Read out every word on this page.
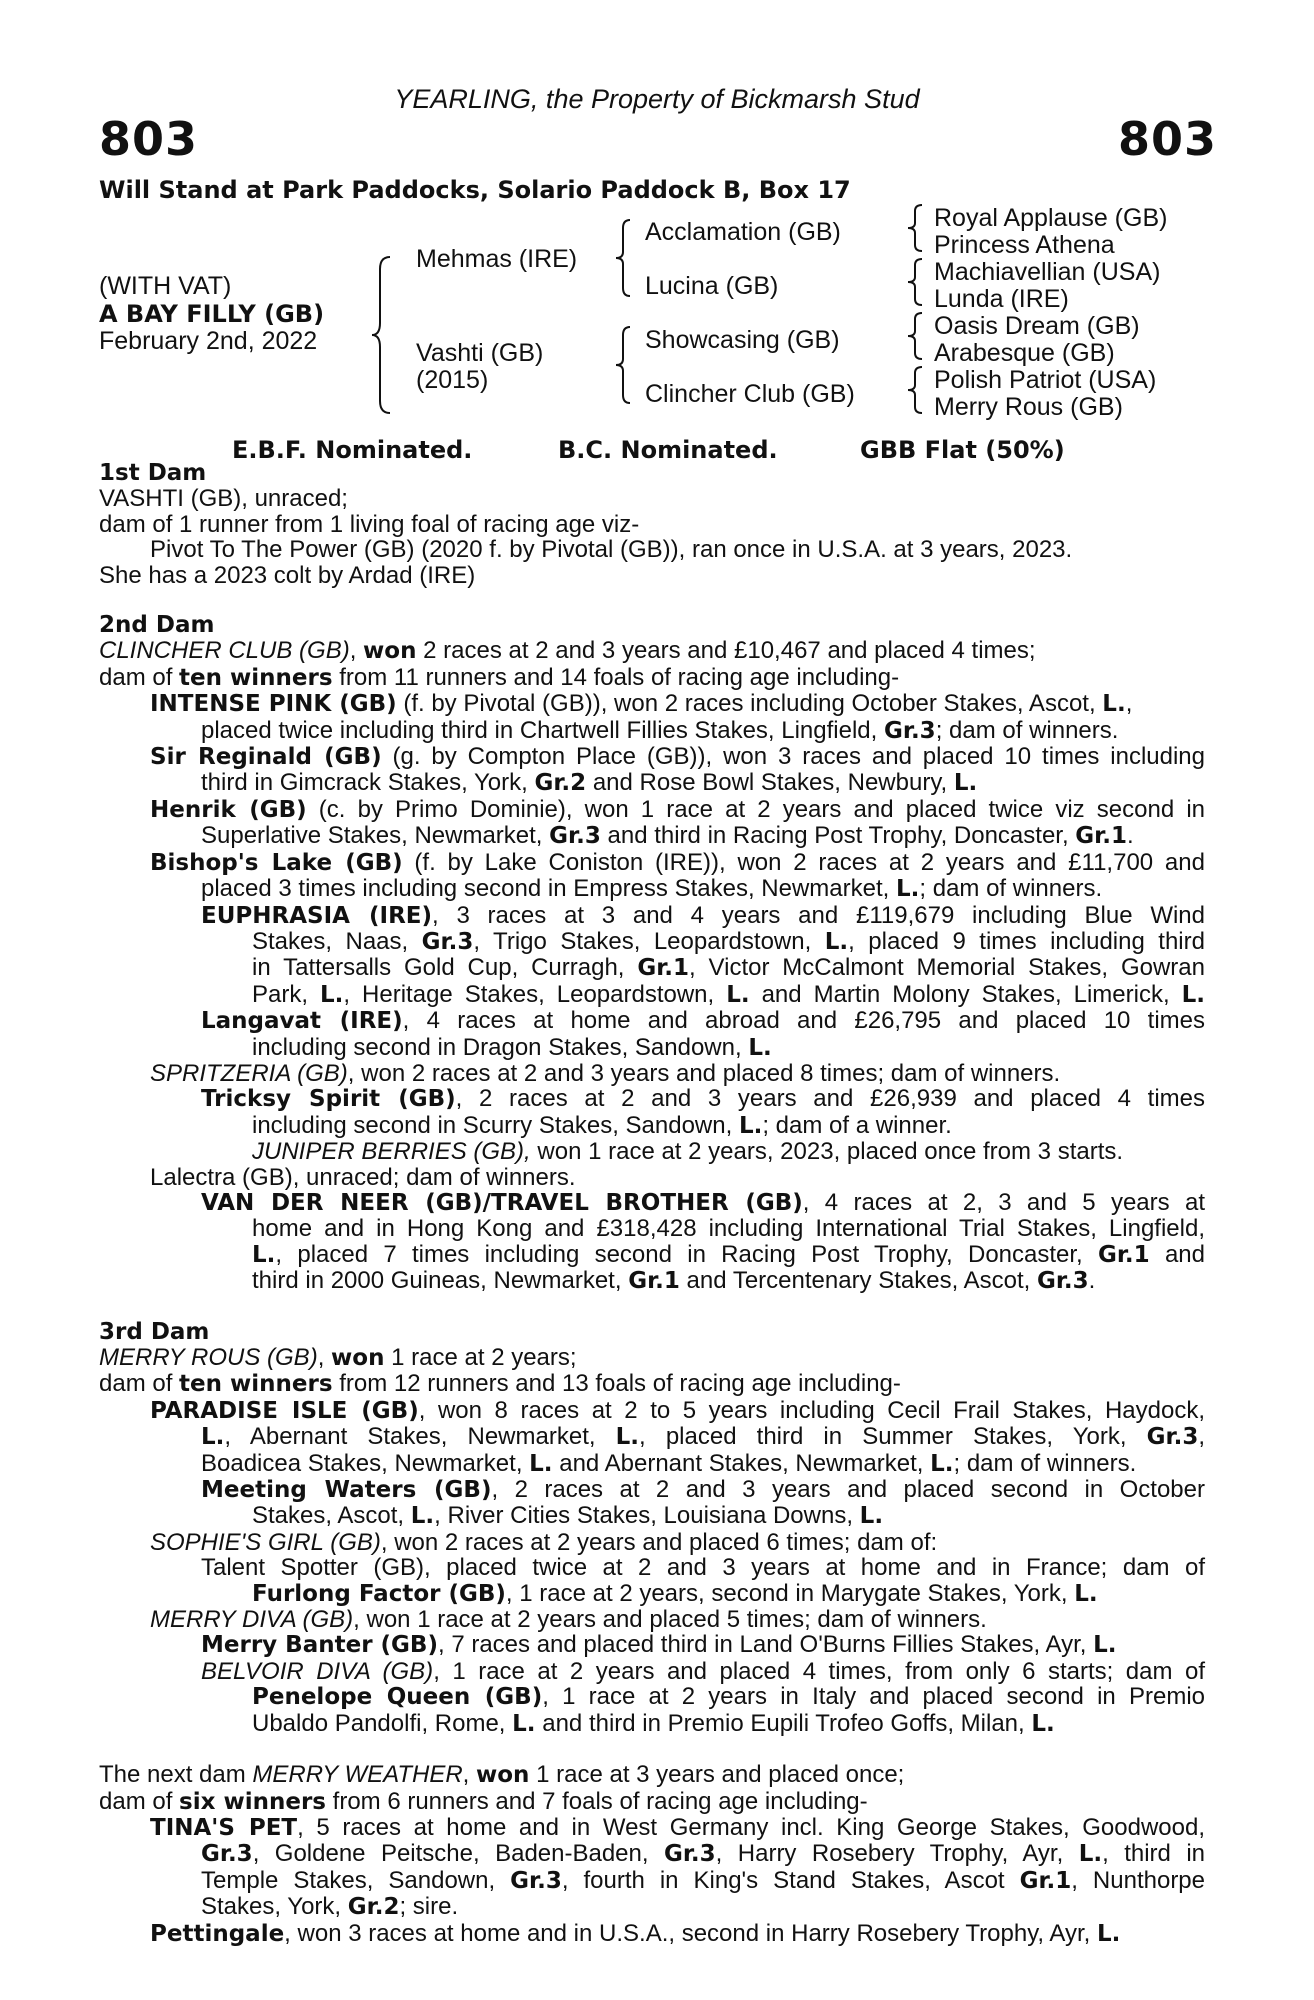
YEARLING, the Property of Bickmarsh Stud
803	803
Will Stand at Park Paddocks, Solario Paddock B, Box 17
(WITH VAT)
A BAY FILLY (GB)
February 2nd, 2022
Mehmas (IRE)
Vashti (GB)
(2015)
Acclamation (GB)
Lucina (GB)
Showcasing (GB)
Clincher Club (GB)
Royal Applause (GB)
Princess Athena
Machiavellian (USA)
Lunda (IRE)
Oasis Dream (GB)
Arabesque (GB)
Polish Patriot (USA)
Merry Rous (GB)
E.B.F. Nominated.	B.C. Nominated.	GBB Flat (50%)
1st Dam
VASHTI (GB), unraced;
dam of 1 runner from 1 living foal of racing age viz-
Pivot To The Power (GB) (2020 f. by Pivotal (GB)), ran once in U.S.A. at 3 years, 2023.
She has a 2023 colt by Ardad (IRE)
2nd Dam
CLINCHER CLUB (GB), won 2 races at 2 and 3 years and £10,467 and placed 4 times;
dam of ten winners from 11 runners and 14 foals of racing age including-
INTENSE PINK (GB) (f. by Pivotal (GB)), won 2 races including October Stakes, Ascot, L.,
placed twice including third in Chartwell Fillies Stakes, Lingfield, Gr.3; dam of winners.
Sir Reginald (GB) (g. by Compton Place (GB)), won 3 races and placed 10 times including
third in Gimcrack Stakes, York, Gr.2 and Rose Bowl Stakes, Newbury, L.
Henrik (GB) (c. by Primo Dominie), won 1 race at 2 years and placed twice viz second in
Superlative Stakes, Newmarket, Gr.3 and third in Racing Post Trophy, Doncaster, Gr.1.
Bishop's Lake (GB) (f. by Lake Coniston (IRE)), won 2 races at 2 years and £11,700 and
placed 3 times including second in Empress Stakes, Newmarket, L.; dam of winners.
EUPHRASIA (IRE), 3 races at 3 and 4 years and £119,679 including Blue Wind
Stakes, Naas, Gr.3, Trigo Stakes, Leopardstown, L., placed 9 times including third
in Tattersalls Gold Cup, Curragh, Gr.1, Victor McCalmont Memorial Stakes, Gowran
Park, L., Heritage Stakes, Leopardstown, L. and Martin Molony Stakes, Limerick, L.
Langavat (IRE), 4 races at home and abroad and £26,795 and placed 10 times
including second in Dragon Stakes, Sandown, L.
SPRITZERIA (GB), won 2 races at 2 and 3 years and placed 8 times; dam of winners.
Tricksy Spirit (GB), 2 races at 2 and 3 years and £26,939 and placed 4 times
including second in Scurry Stakes, Sandown, L.; dam of a winner.
JUNIPER BERRIES (GB), won 1 race at 2 years, 2023, placed once from 3 starts.
Lalectra (GB), unraced; dam of winners.
VAN DER NEER (GB)/TRAVEL BROTHER (GB), 4 races at 2, 3 and 5 years at
home and in Hong Kong and £318,428 including International Trial Stakes, Lingfield,
L., placed 7 times including second in Racing Post Trophy, Doncaster, Gr.1 and
third in 2000 Guineas, Newmarket, Gr.1 and Tercentenary Stakes, Ascot, Gr.3.
3rd Dam
MERRY ROUS (GB), won 1 race at 2 years;
dam of ten winners from 12 runners and 13 foals of racing age including-
PARADISE ISLE (GB), won 8 races at 2 to 5 years including Cecil Frail Stakes, Haydock,
L., Abernant Stakes, Newmarket, L., placed third in Summer Stakes, York, Gr.3,
Boadicea Stakes, Newmarket, L. and Abernant Stakes, Newmarket, L.; dam of winners.
Meeting Waters (GB), 2 races at 2 and 3 years and placed second in October
Stakes, Ascot, L., River Cities Stakes, Louisiana Downs, L.
SOPHIE'S GIRL (GB), won 2 races at 2 years and placed 6 times; dam of:
Talent Spotter (GB), placed twice at 2 and 3 years at home and in France; dam of
Furlong Factor (GB), 1 race at 2 years, second in Marygate Stakes, York, L.
MERRY DIVA (GB), won 1 race at 2 years and placed 5 times; dam of winners.
Merry Banter (GB), 7 races and placed third in Land O'Burns Fillies Stakes, Ayr, L.
BELVOIR DIVA (GB), 1 race at 2 years and placed 4 times, from only 6 starts; dam of
Penelope Queen (GB), 1 race at 2 years in Italy and placed second in Premio
Ubaldo Pandolfi, Rome, L. and third in Premio Eupili Trofeo Goffs, Milan, L.
The next dam MERRY WEATHER, won 1 race at 3 years and placed once;
dam of six winners from 6 runners and 7 foals of racing age including-
TINA'S PET, 5 races at home and in West Germany incl. King George Stakes, Goodwood,
Gr.3, Goldene Peitsche, Baden-Baden, Gr.3, Harry Rosebery Trophy, Ayr, L., third in
Temple Stakes, Sandown, Gr.3, fourth in King's Stand Stakes, Ascot Gr.1, Nunthorpe
Stakes, York, Gr.2; sire.
Pettingale, won 3 races at home and in U.S.A., second in Harry Rosebery Trophy, Ayr, L.
